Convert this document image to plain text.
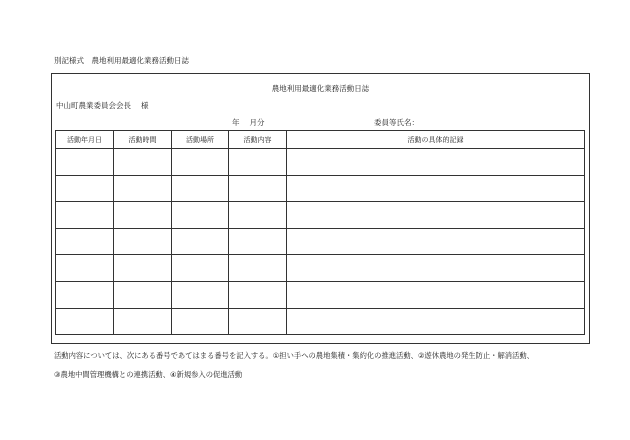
別記様式　農地利用最適化業務活動日誌
農地利用最適化業務活動日誌
中山町農業委員会会長 様
年 月分	委員等氏名：
活動年月日	活動時間	活動場所	活動内容	活動の具体的記録

活動内容については、次にある番号であてはまる番号を記入する。①担い手への農地集積・集約化の推進活動、②遊休農地の発生防止・解消活動、
③農地中間管理機構との連携活動、④新規参入の促進活動
